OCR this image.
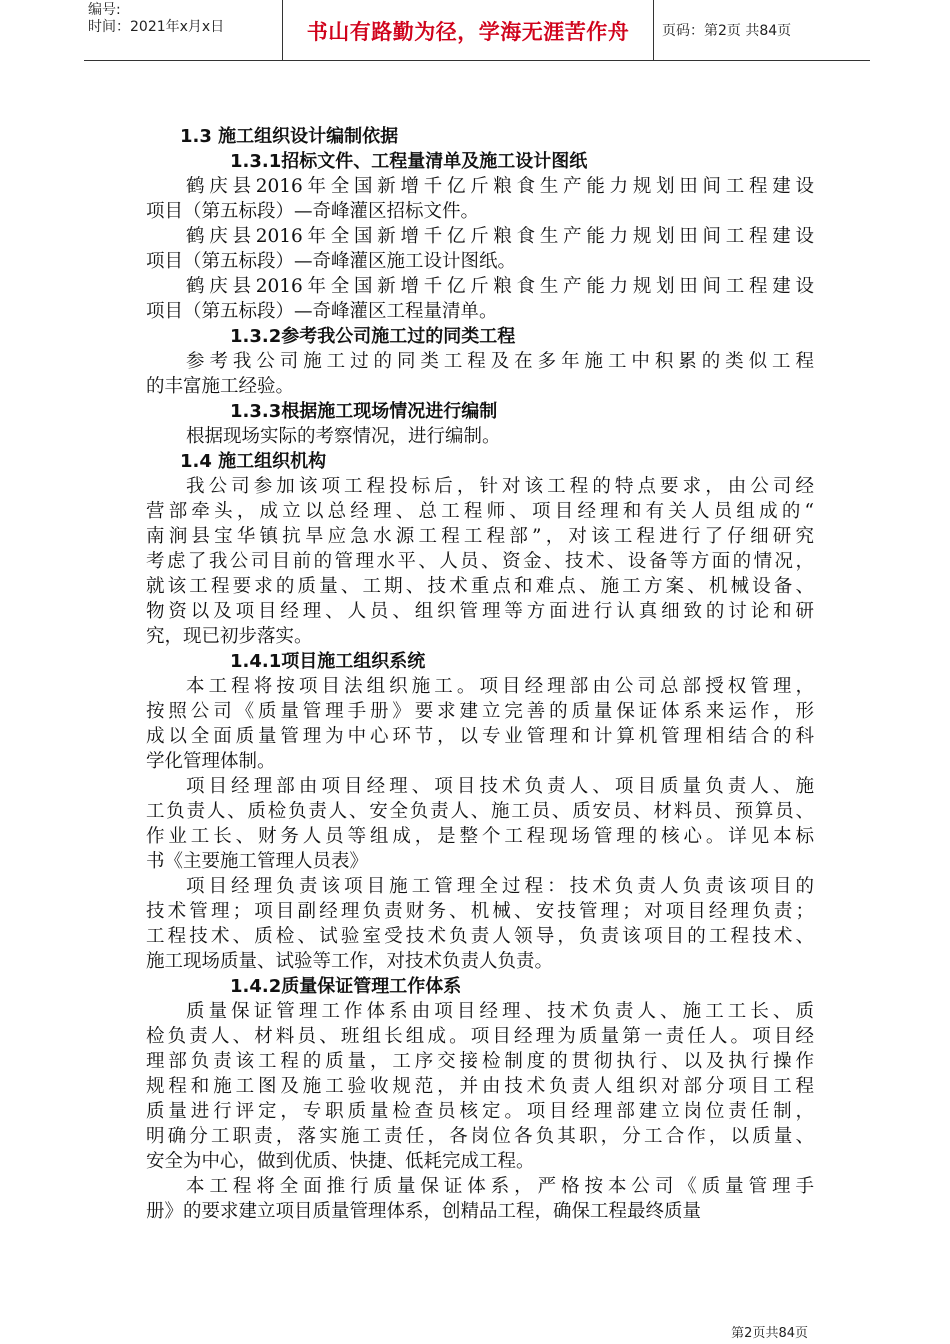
编号:
时间：2021年x月x日	书山有路勤为径，学海无涯苦作舟	页码：第2页 共84页
1.3 施工组织设计编制依据
1.3.1招标文件、工程量清单及施工设计图纸
鹤庆县2016年全国新增千亿斤粮食生产能力规划田间工程建设
项目（第五标段）—奇峰灌区招标文件。
鹤庆县2016年全国新增千亿斤粮食生产能力规划田间工程建设
项目（第五标段）—奇峰灌区施工设计图纸。
鹤庆县2016年全国新增千亿斤粮食生产能力规划田间工程建设
项目（第五标段）—奇峰灌区工程量清单。
1.3.2参考我公司施工过的同类工程
参考我公司施工过的同类工程及在多年施工中积累的类似工程
的丰富施工经验。
1.3.3根据施工现场情况进行编制
根据现场实际的考察情况，进行编制。
1.4 施工组织机构
我公司参加该项工程投标后，针对该工程的特点要求，由公司经
营部牵头，成立以总经理、总工程师、项目经理和有关人员组成的“
南涧县宝华镇抗旱应急水源工程工程部”，对该工程进行了仔细研究
考虑了我公司目前的管理水平、人员、资金、技术、设备等方面的情况，
就该工程要求的质量、工期、技术重点和难点、施工方案、机械设备、
物资以及项目经理、人员、组织管理等方面进行认真细致的讨论和研
究，现已初步落实。
1.4.1项目施工组织系统
本工程将按项目法组织施工。项目经理部由公司总部授权管理，
按照公司《质量管理手册》要求建立完善的质量保证体系来运作，形
成以全面质量管理为中心环节，以专业管理和计算机管理相结合的科
学化管理体制。
项目经理部由项目经理、项目技术负责人、项目质量负责人、施
工负责人、质检负责人、安全负责人、施工员、质安员、材料员、预算员、
作业工长、财务人员等组成，是整个工程现场管理的核心。详见本标
书《主要施工管理人员表》
项目经理负责该项目施工管理全过程：技术负责人负责该项目的
技术管理；项目副经理负责财务、机械、安技管理；对项目经理负责；
工程技术、质检、试验室受技术负责人领导，负责该项目的工程技术、
施工现场质量、试验等工作，对技术负责人负责。
1.4.2质量保证管理工作体系
质量保证管理工作体系由项目经理、技术负责人、施工工长、质
检负责人、材料员、班组长组成。项目经理为质量第一责任人。项目经
理部负责该工程的质量，工序交接检制度的贯彻执行、以及执行操作
规程和施工图及施工验收规范，并由技术负责人组织对部分项目工程
质量进行评定，专职质量检查员核定。项目经理部建立岗位责任制，
明确分工职责，落实施工责任，各岗位各负其职，分工合作，以质量、
安全为中心，做到优质、快捷、低耗完成工程。
本工程将全面推行质量保证体系，严格按本公司《质量管理手
册》的要求建立项目质量管理体系，创精品工程，确保工程最终质量
第2页共84页
